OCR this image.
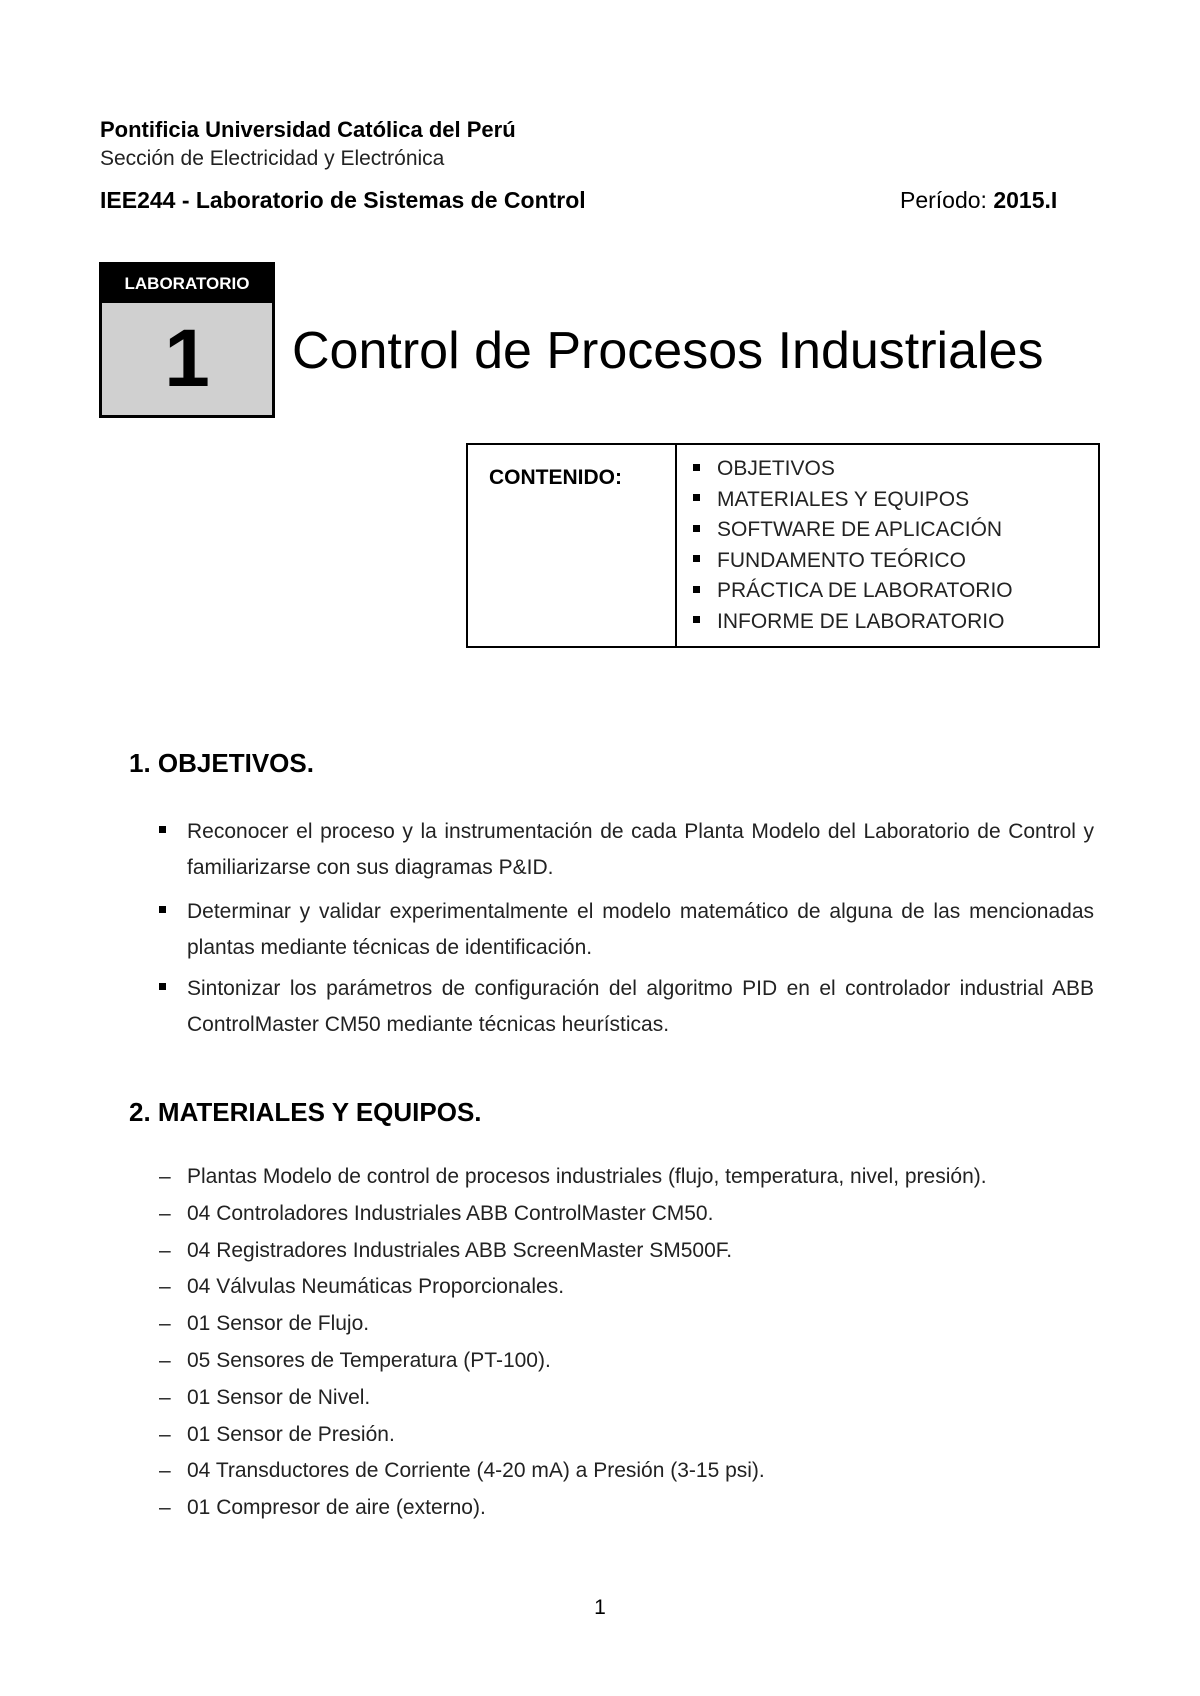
Pontificia Universidad Católica del Perú
Sección de Electricidad y Electrónica
IEE244 - Laboratorio de Sistemas de Control	Período: 2015.I
LABORATORIO
1	Control de Procesos Industriales
CONTENIDO:	OBJETIVOS
MATERIALES Y EQUIPOS
SOFTWARE DE APLICACIÓN
FUNDAMENTO TEÓRICO
PRÁCTICA DE LABORATORIO
INFORME DE LABORATORIO
1. OBJETIVOS.
Reconocer el proceso y la instrumentación de cada Planta Modelo del Laboratorio de Control y familiarizarse con sus diagramas P&ID.
Determinar y validar experimentalmente el modelo matemático de alguna de las mencionadas plantas mediante técnicas de identificación.
Sintonizar los parámetros de configuración del algoritmo PID en el controlador industrial ABB ControlMaster CM50 mediante técnicas heurísticas.
2. MATERIALES Y EQUIPOS.
– Plantas Modelo de control de procesos industriales (flujo, temperatura, nivel, presión).
– 04 Controladores Industriales ABB ControlMaster CM50.
– 04 Registradores Industriales ABB ScreenMaster SM500F.
– 04 Válvulas Neumáticas Proporcionales.
– 01 Sensor de Flujo.
– 05 Sensores de Temperatura (PT-100).
– 01 Sensor de Nivel.
– 01 Sensor de Presión.
– 04 Transductores de Corriente (4-20 mA) a Presión (3-15 psi).
– 01 Compresor de aire (externo).
1
